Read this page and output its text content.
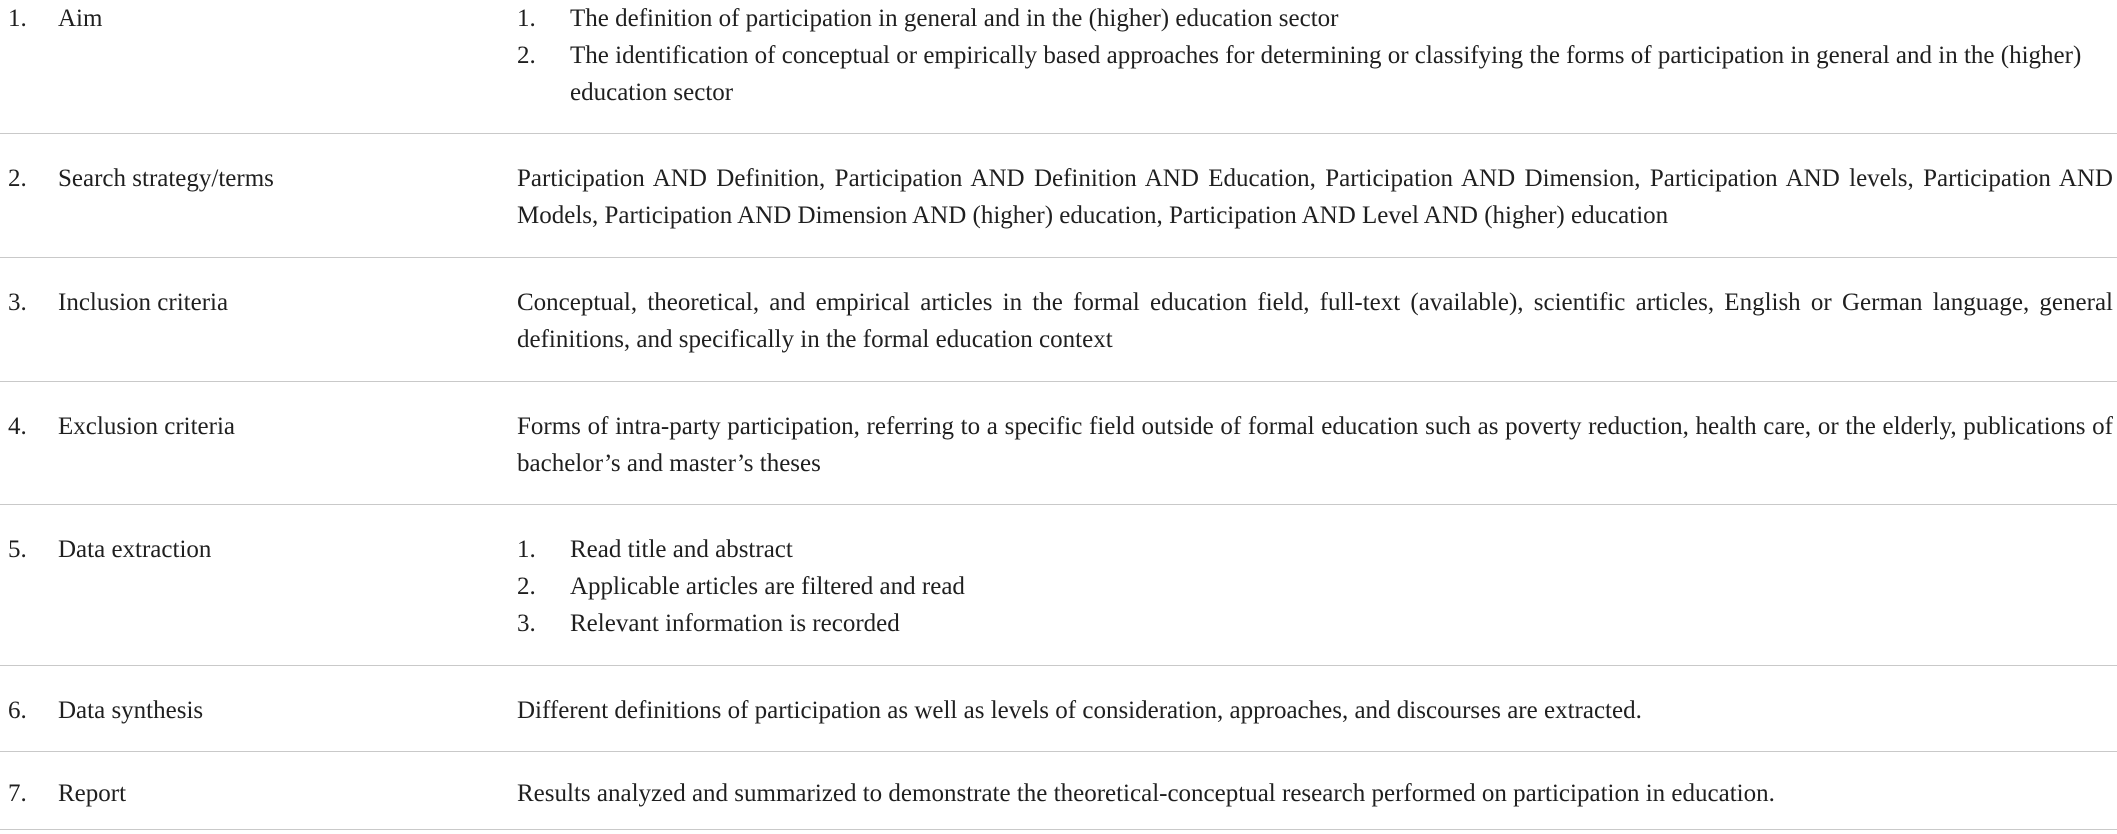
1. Aim	1. The definition of participation in general and in the (higher) education sector
2. The identification of conceptual or empirically based approaches for determining or classifying the forms of participation in general and in the (higher) education sector
2. Search strategy/terms	Participation AND Definition, Participation AND Definition AND Education, Participation AND Dimension, Participation AND levels, Participation AND Models, Participation AND Dimension AND (higher) education, Participation AND Level AND (higher) education
3. Inclusion criteria	Conceptual, theoretical, and empirical articles in the formal education field, full-text (available), scientific articles, English or German language, general definitions, and specifically in the formal education context
4. Exclusion criteria	Forms of intra-party participation, referring to a specific field outside of formal education such as poverty reduction, health care, or the elderly, publications of bachelor’s and master’s theses
5. Data extraction	1. Read title and abstract
2. Applicable articles are filtered and read
3. Relevant information is recorded
6. Data synthesis	Different definitions of participation as well as levels of consideration, approaches, and discourses are extracted.
7. Report	Results analyzed and summarized to demonstrate the theoretical-conceptual research performed on participation in education.
